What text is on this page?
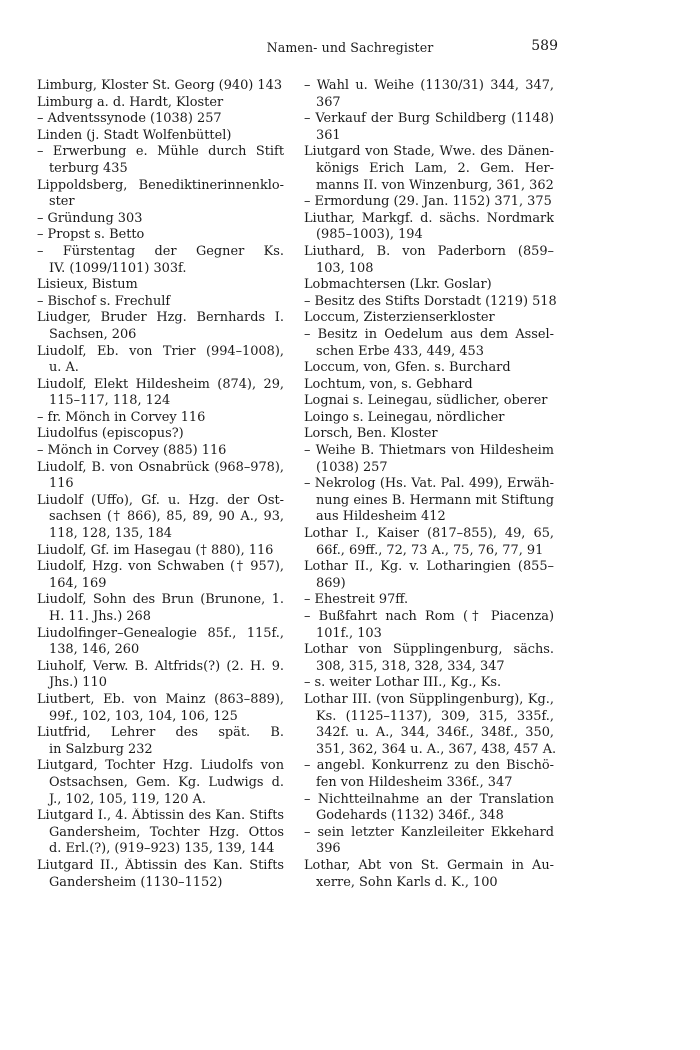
Namen- und Sachregister	589
Limburg, Kloster St. Georg (940) 143
Limburg a. d. Hardt, Kloster
– Adventssynode (1038) 257
Linden (j. Stadt Wolfenbüttel)
– Erwerbung e. Mühle durch Stift
terburg 435
Lippoldsberg, Benediktinerinnenklo-
ster
– Gründung 303
– Propst s. Betto
– Fürstentag der Gegner Ks.
IV. (1099/1101) 303f.
Lisieux, Bistum
– Bischof s. Frechulf
Liudger, Bruder Hzg. Bernhards I.
Sachsen, 206
Liudolf, Eb. von Trier (994–1008),
u. A.
Liudolf, Elekt Hildesheim (874), 29,
115–117, 118, 124
– fr. Mönch in Corvey 116
Liudolfus (episcopus?)
– Mönch in Corvey (885) 116
Liudolf, B. von Osnabrück (968–978),
116
Liudolf (Uffo), Gf. u. Hzg. der Ost-
sachsen († 866), 85, 89, 90 A., 93,
118, 128, 135, 184
Liudolf, Gf. im Hasegau († 880), 116
Liudolf, Hzg. von Schwaben († 957),
164, 169
Liudolf, Sohn des Brun (Brunone, 1.
H. 11. Jhs.) 268
Liudolfinger–Genealogie 85f., 115f.,
138, 146, 260
Liuholf, Verw. B. Altfrids(?) (2. H. 9.
Jhs.) 110
Liutbert, Eb. von Mainz (863–889),
99f., 102, 103, 104, 106, 125
Liutfrid, Lehrer des spät. B.
in Salzburg 232
Liutgard, Tochter Hzg. Liudolfs von
Ostsachsen, Gem. Kg. Ludwigs d.
J., 102, 105, 119, 120 A.
Liutgard I., 4. Äbtissin des Kan. Stifts
Gandersheim, Tochter Hzg. Ottos
d. Erl.(?), (919–923) 135, 139, 144
Liutgard II., Äbtissin des Kan. Stifts
Gandersheim (1130–1152)
– Wahl u. Weihe (1130/31) 344, 347,
367
– Verkauf der Burg Schildberg (1148)
361
Liutgard von Stade, Wwe. des Dänen-
königs Erich Lam, 2. Gem. Her-
manns II. von Winzenburg, 361, 362
– Ermordung (29. Jan. 1152) 371, 375
Liuthar, Markgf. d. sächs. Nordmark
(985–1003), 194
Liuthard, B. von Paderborn (859–
103, 108
Lobmachtersen (Lkr. Goslar)
– Besitz des Stifts Dorstadt (1219) 518
Loccum, Zisterzienserkloster
– Besitz in Oedelum aus dem Assel-
schen Erbe 433, 449, 453
Loccum, von, Gfen. s. Burchard
Lochtum, von, s. Gebhard
Lognai s. Leinegau, südlicher, oberer
Loingo s. Leinegau, nördlicher
Lorsch, Ben. Kloster
– Weihe B. Thietmars von Hildesheim
(1038) 257
– Nekrolog (Hs. Vat. Pal. 499), Erwäh-
nung eines B. Hermann mit Stiftung
aus Hildesheim 412
Lothar I., Kaiser (817–855), 49, 65,
66f., 69ff., 72, 73 A., 75, 76, 77, 91
Lothar II., Kg. v. Lotharingien (855–
869)
– Ehestreit 97ff.
– Bußfahrt nach Rom († Piacenza)
101f., 103
Lothar von Süpplingenburg, sächs.
308, 315, 318, 328, 334, 347
– s. weiter Lothar III., Kg., Ks.
Lothar III. (von Süpplingenburg), Kg.,
Ks. (1125–1137), 309, 315, 335f.,
342f. u. A., 344, 346f., 348f., 350,
351, 362, 364 u. A., 367, 438, 457 A.
– angebl. Konkurrenz zu den Bischö-
fen von Hildesheim 336f., 347
– Nichtteilnahme an der Translation
Godehards (1132) 346f., 348
– sein letzter Kanzleileiter Ekkehard
396
Lothar, Abt von St. Germain in Au-
xerre, Sohn Karls d. K., 100
